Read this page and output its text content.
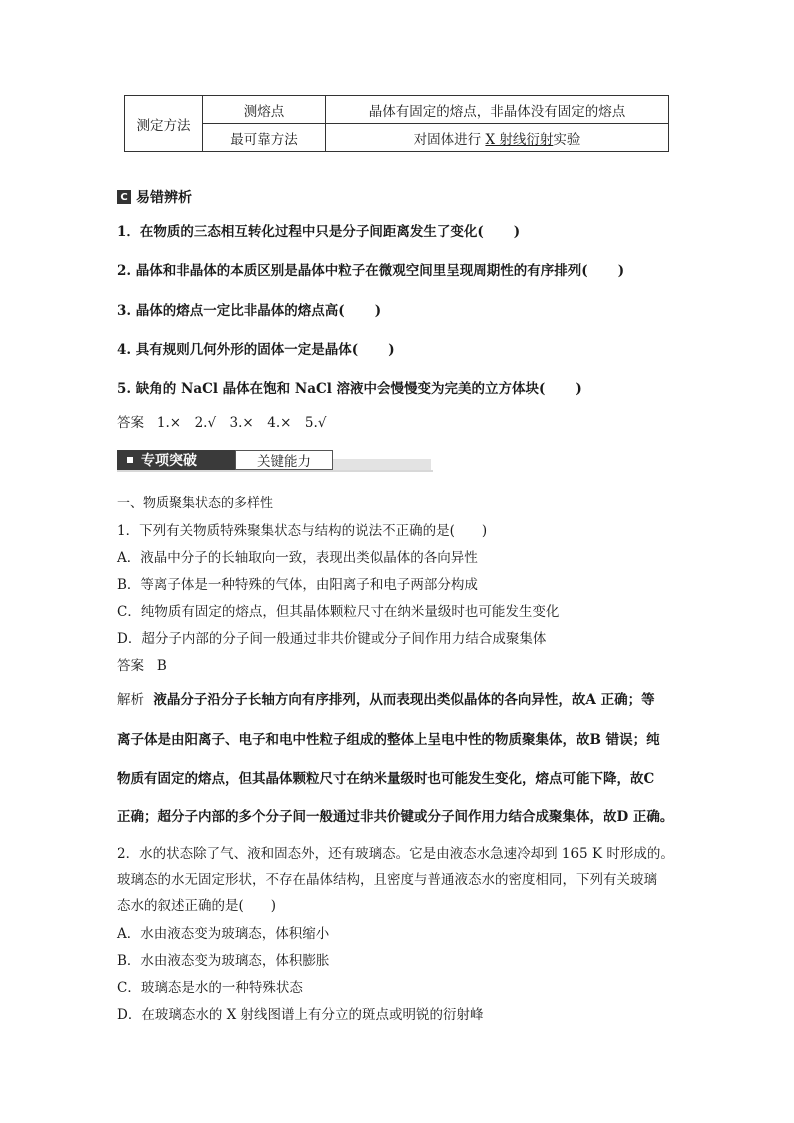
测定方法	测熔点	晶体有固定的熔点，非晶体没有固定的熔点
	最可靠方法	对固体进行 X 射线衍射实验
C 易错辨析
1．在物质的三态相互转化过程中只是分子间距离发生了变化( )
2. 晶体和非晶体的本质区别是晶体中粒子在微观空间里呈现周期性的有序排列( )
3. 晶体的熔点一定比非晶体的熔点高( )
4. 具有规则几何外形的固体一定是晶体( )
5. 缺角的 NaCl 晶体在饱和 NaCl 溶液中会慢慢变为完美的立方体块( )
答案 1.×　2.√　3.×　4.×　5.√
专项突破	关键能力
一、物质聚集状态的多样性
1．下列有关物质特殊聚集状态与结构的说法不正确的是(　　)
A．液晶中分子的长轴取向一致，表现出类似晶体的各向异性
B．等离子体是一种特殊的气体，由阳离子和电子两部分构成
C．纯物质有固定的熔点，但其晶体颗粒尺寸在纳米量级时也可能发生变化
D．超分子内部的分子间一般通过非共价键或分子间作用力结合成聚集体
答案 B
解析 液晶分子沿分子长轴方向有序排列，从而表现出类似晶体的各向异性，故A 正确；等
离子体是由阳离子、电子和电中性粒子组成的整体上呈电中性的物质聚集体，故B 错误；纯
物质有固定的熔点，但其晶体颗粒尺寸在纳米量级时也可能发生变化，熔点可能下降，故C
正确；超分子内部的多个分子间一般通过非共价键或分子间作用力结合成聚集体，故D 正确。
2．水的状态除了气、液和固态外，还有玻璃态。它是由液态水急速冷却到 165 K 时形成的。
玻璃态的水无固定形状，不存在晶体结构，且密度与普通液态水的密度相同，下列有关玻璃
态水的叙述正确的是(　　)
A．水由液态变为玻璃态，体积缩小
B．水由液态变为玻璃态，体积膨胀
C．玻璃态是水的一种特殊状态
D．在玻璃态水的 X 射线图谱上有分立的斑点或明锐的衍射峰
